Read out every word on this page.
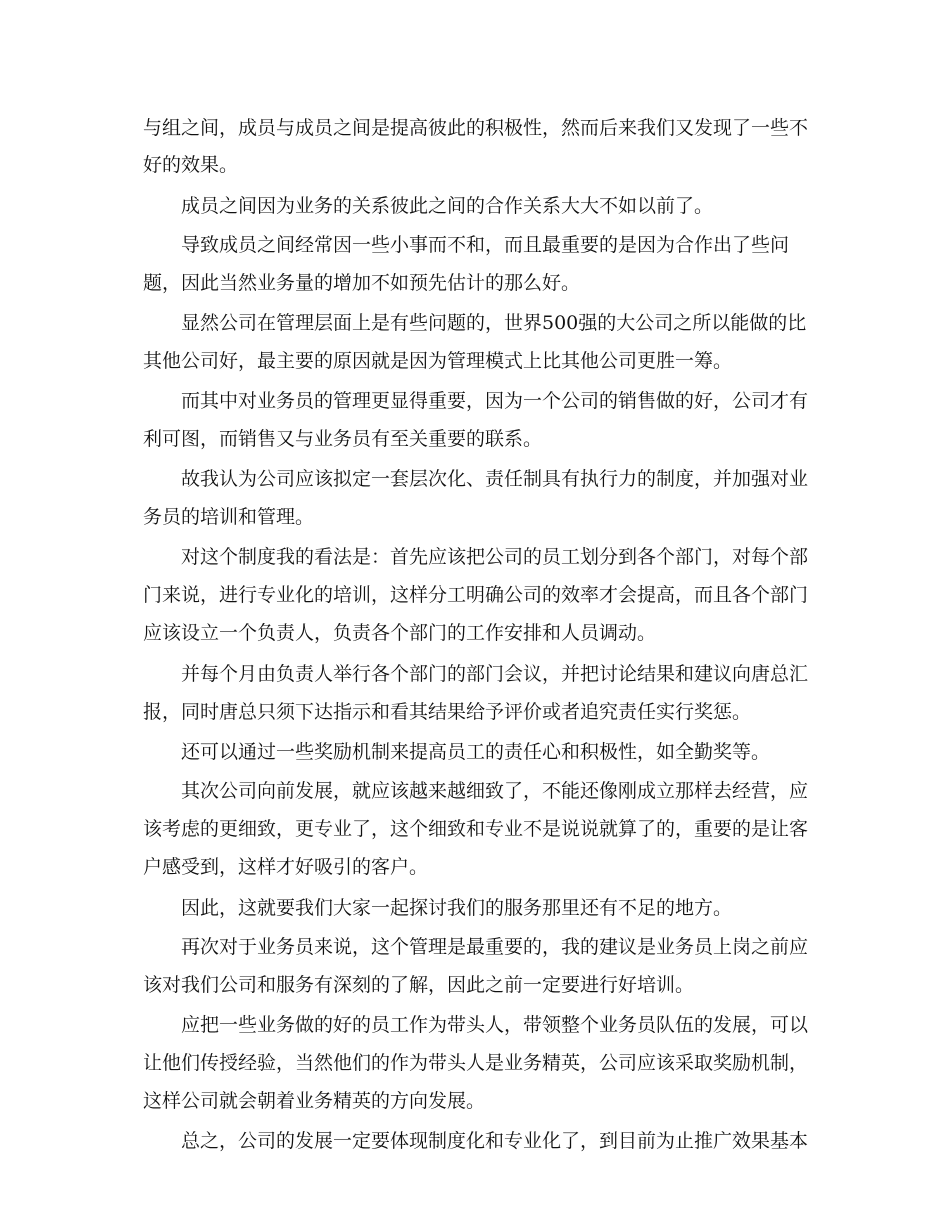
与组之间，成员与成员之间是提高彼此的积极性，然而后来我们又发现了一些不
好的效果。
成员之间因为业务的关系彼此之间的合作关系大大不如以前了。
导致成员之间经常因一些小事而不和，而且最重要的是因为合作出了些问
题，因此当然业务量的增加不如预先估计的那么好。
显然公司在管理层面上是有些问题的，世界500强的大公司之所以能做的比
其他公司好，最主要的原因就是因为管理模式上比其他公司更胜一筹。
而其中对业务员的管理更显得重要，因为一个公司的销售做的好，公司才有
利可图，而销售又与业务员有至关重要的联系。
故我认为公司应该拟定一套层次化、责任制具有执行力的制度，并加强对业
务员的培训和管理。
对这个制度我的看法是：首先应该把公司的员工划分到各个部门，对每个部
门来说，进行专业化的培训，这样分工明确公司的效率才会提高，而且各个部门
应该设立一个负责人，负责各个部门的工作安排和人员调动。
并每个月由负责人举行各个部门的部门会议，并把讨论结果和建议向唐总汇
报，同时唐总只须下达指示和看其结果给予评价或者追究责任实行奖惩。
还可以通过一些奖励机制来提高员工的责任心和积极性，如全勤奖等。
其次公司向前发展，就应该越来越细致了，不能还像刚成立那样去经营，应
该考虑的更细致，更专业了，这个细致和专业不是说说就算了的，重要的是让客
户感受到，这样才好吸引的客户。
因此，这就要我们大家一起探讨我们的服务那里还有不足的地方。
再次对于业务员来说，这个管理是最重要的，我的建议是业务员上岗之前应
该对我们公司和服务有深刻的了解，因此之前一定要进行好培训。
应把一些业务做的好的员工作为带头人，带领整个业务员队伍的发展，可以
让他们传授经验，当然他们的作为带头人是业务精英，公司应该采取奖励机制，
这样公司就会朝着业务精英的方向发展。
总之，公司的发展一定要体现制度化和专业化了，到目前为止推广效果基本
